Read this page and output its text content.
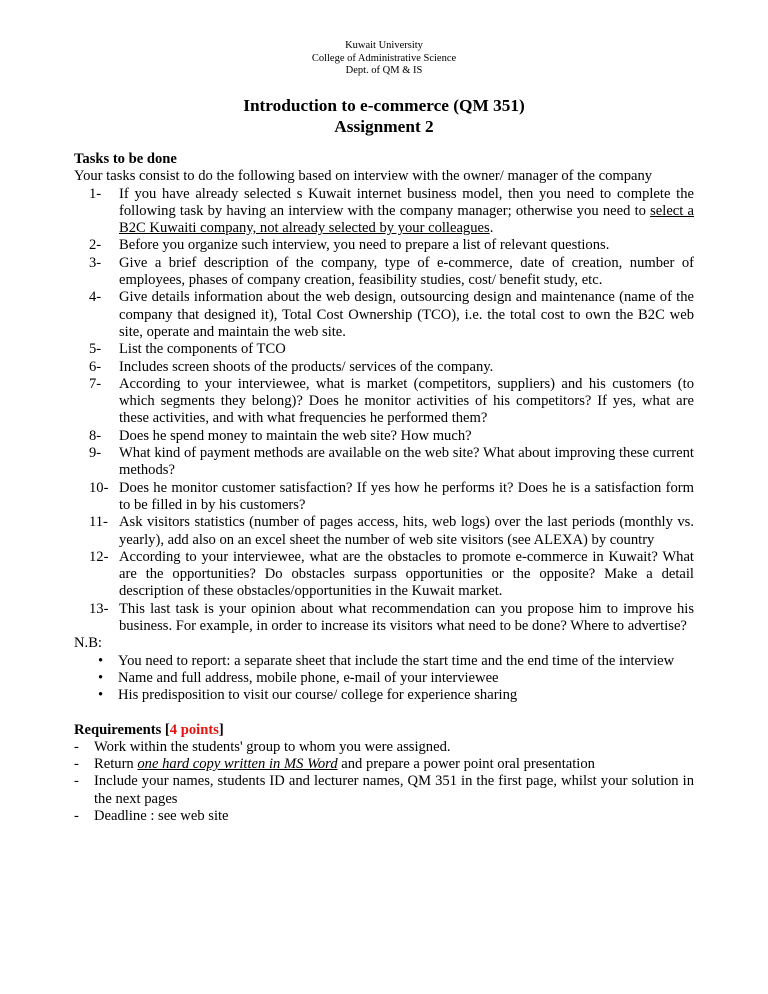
Kuwait University
College of Administrative Science
Dept. of QM & IS
Introduction to e-commerce (QM 351)
Assignment 2

Tasks to be done

Your tasks consist to do the following based on interview with the owner/ manager of the company

1- If you have already selected s Kuwait internet business model, then you need to complete the following task by having an interview with the company manager; otherwise you need to select a B2C Kuwaiti company, not already selected by your colleagues.
2- Before you organize such interview, you need to prepare a list of relevant questions.
3- Give a brief description of the company, type of e-commerce, date of creation, number of employees, phases of company creation, feasibility studies, cost/ benefit study, etc.
4- Give details information about the web design, outsourcing design and maintenance (name of the company that designed it), Total Cost Ownership (TCO), i.e. the total cost to own the B2C web site, operate and maintain the web site.
5- List the components of TCO
6- Includes screen shoots of the products/ services of the company.
7- According to your interviewee, what is market (competitors, suppliers) and his customers (to which segments they belong)? Does he monitor activities of his competitors? If yes, what are these activities, and with what frequencies he performed them?
8- Does he spend money to maintain the web site? How much?
9- What kind of payment methods are available on the web site? What about improving these current methods?
10- Does he monitor customer satisfaction? If yes how he performs it? Does he is a satisfaction form to be filled in by his customers?
11- Ask visitors statistics (number of pages access, hits, web logs) over the last periods (monthly vs. yearly), add also on an excel sheet the number of web site visitors (see ALEXA) by country
12- According to your interviewee, what are the obstacles to promote e-commerce in Kuwait? What are the opportunities? Do obstacles surpass opportunities or the opposite? Make a detail description of these obstacles/opportunities in the Kuwait market.
13- This last task is your opinion about what recommendation can you propose him to improve his business. For example, in order to increase its visitors what need to be done? Where to advertise?

N.B:

• You need to report: a separate sheet that include the start time and the end time of the interview
• Name and full address, mobile phone, e-mail of your interviewee
• His predisposition to visit our course/ college for experience sharing

Requirements [4 points]

- Work within the students' group to whom you were assigned.
- Return one hard copy written in MS Word and prepare a power point oral presentation
- Include your names, students ID and lecturer names, QM 351 in the first page, whilst your solution in the next pages
- Deadline : see web site
